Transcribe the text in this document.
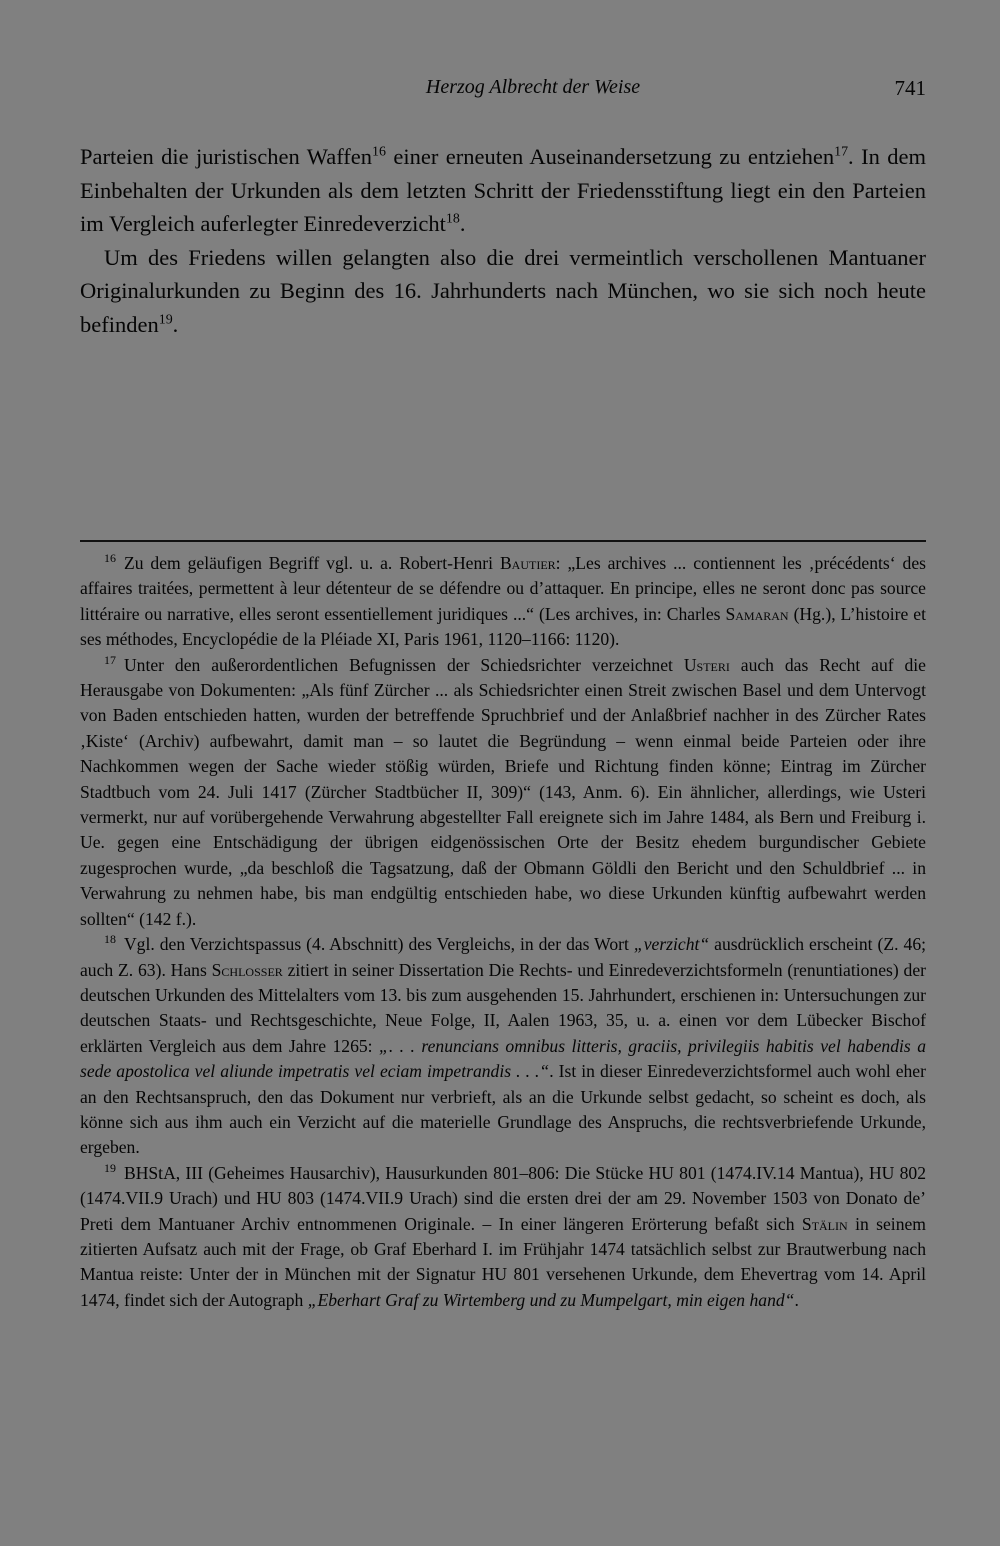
Herzog Albrecht der Weise	741

Parteien die juristischen Waffen$^{16}$ einer erneuten Auseinandersetzung zu entziehen$^{17}$. In dem Einbehalten der Urkunden als dem letzten Schritt der Friedensstiftung liegt ein den Parteien im Vergleich auferlegter Einredeverzicht$^{18}$.

Um des Friedens willen gelangten also die drei vermeintlich verschollenen Mantuaner Originalurkunden zu Beginn des 16. Jahrhunderts nach München, wo sie sich noch heute befinden$^{19}$.

$^{16}$ Zu dem geläufigen Begriff vgl. u. a. Robert-Henri Bautier: „Les archives ... contiennent les ‚précédents‘ des affaires traitées, permettent à leur détenteur de se défendre ou d’attaquer. En principe, elles ne seront donc pas source littéraire ou narrative, elles seront essentiellement juridiques ...“ (Les archives, in: Charles Samaran (Hg.), L’histoire et ses méthodes, Encyclopédie de la Pléiade XI, Paris 1961, 1120–1166: 1120).

$^{17}$ Unter den außerordentlichen Befugnissen der Schiedsrichter verzeichnet Usteri auch das Recht auf die Herausgabe von Dokumenten: „Als fünf Zürcher ... als Schiedsrichter einen Streit zwischen Basel und dem Untervogt von Baden entschieden hatten, wurden der betreffende Spruchbrief und der Anlaßbrief nachher in des Zürcher Rates ‚Kiste‘ (Archiv) aufbewahrt, damit man – so lautet die Begründung – wenn einmal beide Parteien oder ihre Nachkommen wegen der Sache wieder stößig würden, Briefe und Richtung finden könne; Eintrag im Zürcher Stadtbuch vom 24. Juli 1417 (Zürcher Stadtbücher II, 309)“ (143, Anm. 6). Ein ähnlicher, allerdings, wie Usteri vermerkt, nur auf vorübergehende Verwahrung abgestellter Fall ereignete sich im Jahre 1484, als Bern und Freiburg i. Ue. gegen eine Entschädigung der übrigen eidgenössischen Orte der Besitz ehedem burgundischer Gebiete zugesprochen wurde, „da beschloß die Tagsatzung, daß der Obmann Göldli den Bericht und den Schuldbrief ... in Verwahrung zu nehmen habe, bis man endgültig entschieden habe, wo diese Urkunden künftig aufbewahrt werden sollten“ (142 f.).

$^{18}$ Vgl. den Verzichtspassus (4. Abschnitt) des Vergleichs, in der das Wort „verzicht“ ausdrücklich erscheint (Z. 46; auch Z. 63). Hans Schlosser zitiert in seiner Dissertation Die Rechts- und Einredeverzichtsformeln (renuntiationes) der deutschen Urkunden des Mittelalters vom 13. bis zum ausgehenden 15. Jahrhundert, erschienen in: Untersuchungen zur deutschen Staats- und Rechtsgeschichte, Neue Folge, II, Aalen 1963, 35, u. a. einen vor dem Lübecker Bischof erklärten Vergleich aus dem Jahre 1265: „. . . renuncians omnibus litteris, graciis, privilegiis habitis vel habendis a sede apostolica vel aliunde impetratis vel eciam impetrandis . . .“. Ist in dieser Einredeverzichtsformel auch wohl eher an den Rechtsanspruch, den das Dokument nur verbrieft, als an die Urkunde selbst gedacht, so scheint es doch, als könne sich aus ihm auch ein Verzicht auf die materielle Grundlage des Anspruchs, die rechtsverbriefende Urkunde, ergeben.

$^{19}$ BHStA, III (Geheimes Hausarchiv), Hausurkunden 801–806: Die Stücke HU 801 (1474.IV.14 Mantua), HU 802 (1474.VII.9 Urach) und HU 803 (1474.VII.9 Urach) sind die ersten drei der am 29. November 1503 von Donato de’ Preti dem Mantuaner Archiv entnommenen Originale. – In einer längeren Erörterung befaßt sich Stälin in seinem zitierten Aufsatz auch mit der Frage, ob Graf Eberhard I. im Frühjahr 1474 tatsächlich selbst zur Brautwerbung nach Mantua reiste: Unter der in München mit der Signatur HU 801 versehenen Urkunde, dem Ehevertrag vom 14. April 1474, findet sich der Autograph „Eberhart Graf zu Wirtemberg und zu Mumpelgart, min eigen hand“.
